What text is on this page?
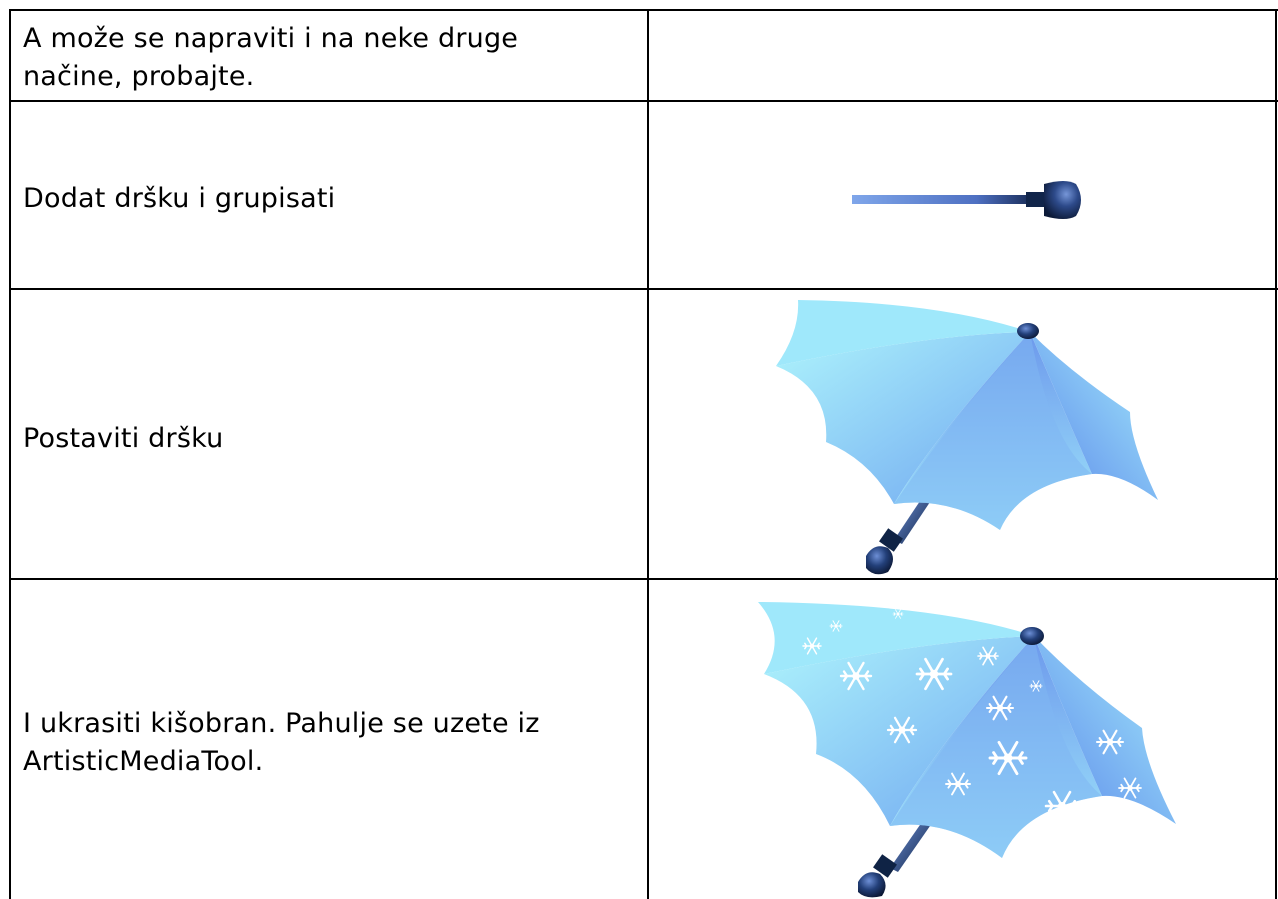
A može se napraviti i na neke druge
načine, probajte.
Dodat dršku i grupisati
Postaviti dršku
I ukrasiti kišobran. Pahulje se uzete iz
ArtisticMediaTool.
